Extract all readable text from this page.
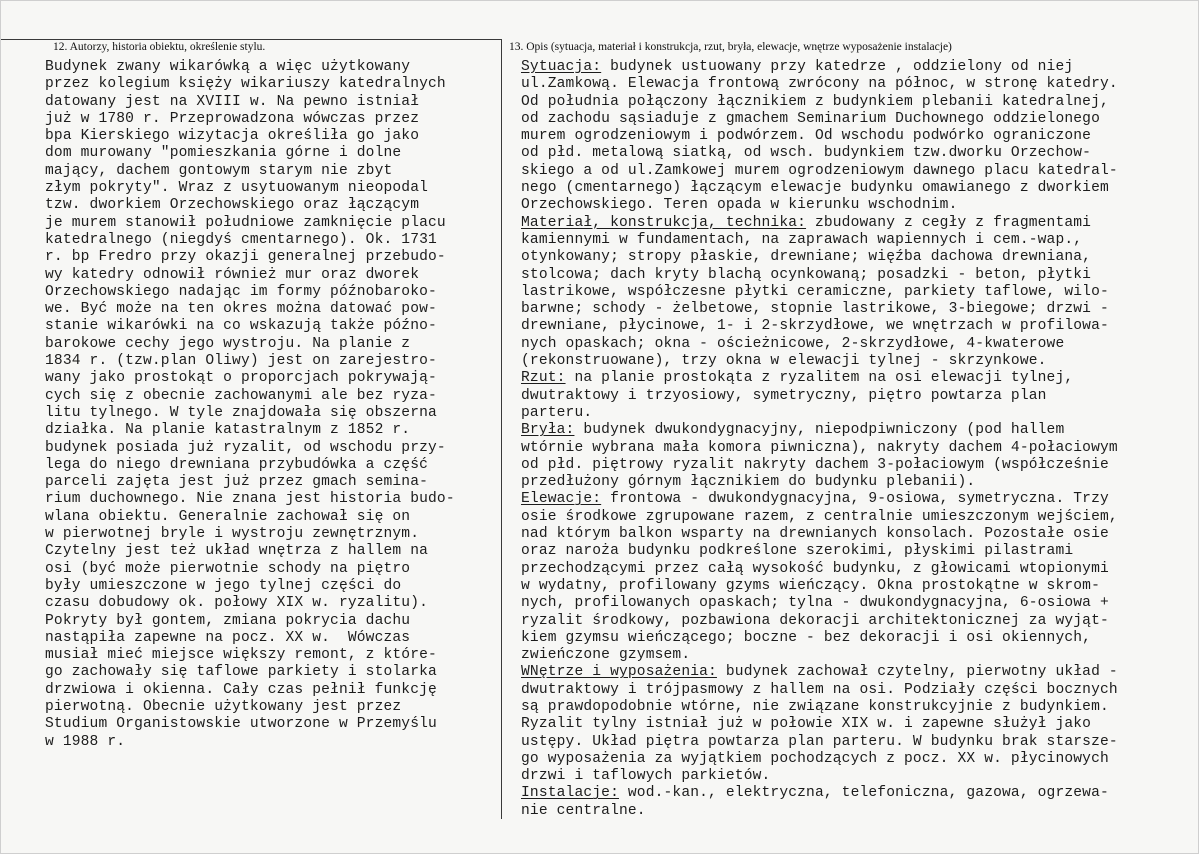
12. Autorzy, historia obiektu, określenie stylu.	13. Opis (sytuacja, materiał i konstrukcja, rzut, bryła, elewacje, wnętrze wyposażenie instalacje)
Budynek zwany wikarówką a więc użytkowany
przez kolegium księży wikariuszy katedralnych
datowany jest na XVIII w. Na pewno istniał
już w 1780 r. Przeprowadzona wówczas przez
bpa Kierskiego wizytacja określiła go jako
dom murowany "pomieszkania górne i dolne
mający, dachem gontowym starym nie zbyt
złym pokryty". Wraz z usytuowanym nieopodal
tzw. dworkiem Orzechowskiego oraz łączącym
je murem stanowił południowe zamknięcie placu
katedralnego (niegdyś cmentarnego). Ok. 1731
r. bp Fredro przy okazji generalnej przebudo-
wy katedry odnowił również mur oraz dworek
Orzechowskiego nadając im formy późnobaroko-
we. Być może na ten okres można datować pow-
stanie wikarówki na co wskazują także późno-
barokowe cechy jego wystroju. Na planie z
1834 r. (tzw.plan Oliwy) jest on zarejestro-
wany jako prostokąt o proporcjach pokrywają-
cych się z obecnie zachowanymi ale bez ryza-
litu tylnego. W tyle znajdowała się obszerna
działka. Na planie katastralnym z 1852 r.
budynek posiada już ryzalit, od wschodu przy-
lega do niego drewniana przybudówka a część
parceli zajęta jest już przez gmach semina-
rium duchownego. Nie znana jest historia budo-
wlana obiektu. Generalnie zachował się on
w pierwotnej bryle i wystroju zewnętrznym.
Czytelny jest też układ wnętrza z hallem na
osi (być może pierwotnie schody na piętro
były umieszczone w jego tylnej części do
czasu dobudowy ok. połowy XIX w. ryzalitu).
Pokryty był gontem, zmiana pokrycia dachu
nastąpiła zapewne na pocz. XX w.  Wówczas
musiał mieć miejsce większy remont, z które-
go zachowały się taflowe parkiety i stolarka
drzwiowa i okienna. Cały czas pełnił funkcję
pierwotną. Obecnie użytkowany jest przez
Studium Organistowskie utworzone w Przemyślu
w 1988 r.
Sytuacja: budynek ustuowany przy katedrze , oddzielony od niej
ul.Zamkową. Elewacja frontową zwrócony na północ, w stronę katedry.
Od południa połączony łącznikiem z budynkiem plebanii katedralnej,
od zachodu sąsiaduje z gmachem Seminarium Duchownego oddzielonego
murem ogrodzeniowym i podwórzem. Od wschodu podwórko ograniczone
od płd. metalową siatką, od wsch. budynkiem tzw.dworku Orzechow-
skiego a od ul.Zamkowej murem ogrodzeniowym dawnego placu katedral-
nego (cmentarnego) łączącym elewacje budynku omawianego z dworkiem
Orzechowskiego. Teren opada w kierunku wschodnim.
Materiał, konstrukcja, technika: zbudowany z cegły z fragmentami
kamiennymi w fundamentach, na zaprawach wapiennych i cem.-wap.,
otynkowany; stropy płaskie, drewniane; więźba dachowa drewniana,
stolcowa; dach kryty blachą ocynkowaną; posadzki - beton, płytki
lastrikowe, współczesne płytki ceramiczne, parkiety taflowe, wilo-
barwne; schody - żelbetowe, stopnie lastrikowe, 3-biegowe; drzwi -
drewniane, płycinowe, 1- i 2-skrzydłowe, we wnętrzach w profilowa-
nych opaskach; okna - ościeżnicowe, 2-skrzydłowe, 4-kwaterowe
(rekonstruowane), trzy okna w elewacji tylnej - skrzynkowe.
Rzut: na planie prostokąta z ryzalitem na osi elewacji tylnej,
dwutraktowy i trzyosiowy, symetryczny, piętro powtarza plan
parteru.
Bryła: budynek dwukondygnacyjny, niepodpiwniczony (pod hallem
wtórnie wybrana mała komora piwniczna), nakryty dachem 4-połaciowym
od płd. piętrowy ryzalit nakryty dachem 3-połaciowym (współcześnie
przedłużony górnym łącznikiem do budynku plebanii).
Elewacje: frontowa - dwukondygnacyjna, 9-osiowa, symetryczna. Trzy
osie środkowe zgrupowane razem, z centralnie umieszczonym wejściem,
nad którym balkon wsparty na drewnianych konsolach. Pozostałe osie
oraz naroża budynku podkreślone szerokimi, płyskimi pilastrami
przechodzącymi przez całą wysokość budynku, z głowicami wtopionymi
w wydatny, profilowany gzyms wieńczący. Okna prostokątne w skrom-
nych, profilowanych opaskach; tylna - dwukondygnacyjna, 6-osiowa +
ryzalit środkowy, pozbawiona dekoracji architektonicznej za wyjąt-
kiem gzymsu wieńczącego; boczne - bez dekoracji i osi okiennych,
zwieńczone gzymsem.
WNętrze i wyposażenia: budynek zachował czytelny, pierwotny układ -
dwutraktowy i trójpasmowy z hallem na osi. Podziały części bocznych
są prawdopodobnie wtórne, nie związane konstrukcyjnie z budynkiem.
Ryzalit tylny istniał już w połowie XIX w. i zapewne służył jako
ustępy. Układ piętra powtarza plan parteru. W budynku brak starsze-
go wyposażenia za wyjątkiem pochodzących z pocz. XX w. płycinowych
drzwi i taflowych parkietów.
Instalacje: wod.-kan., elektryczna, telefoniczna, gazowa, ogrzewa-
nie centralne.
